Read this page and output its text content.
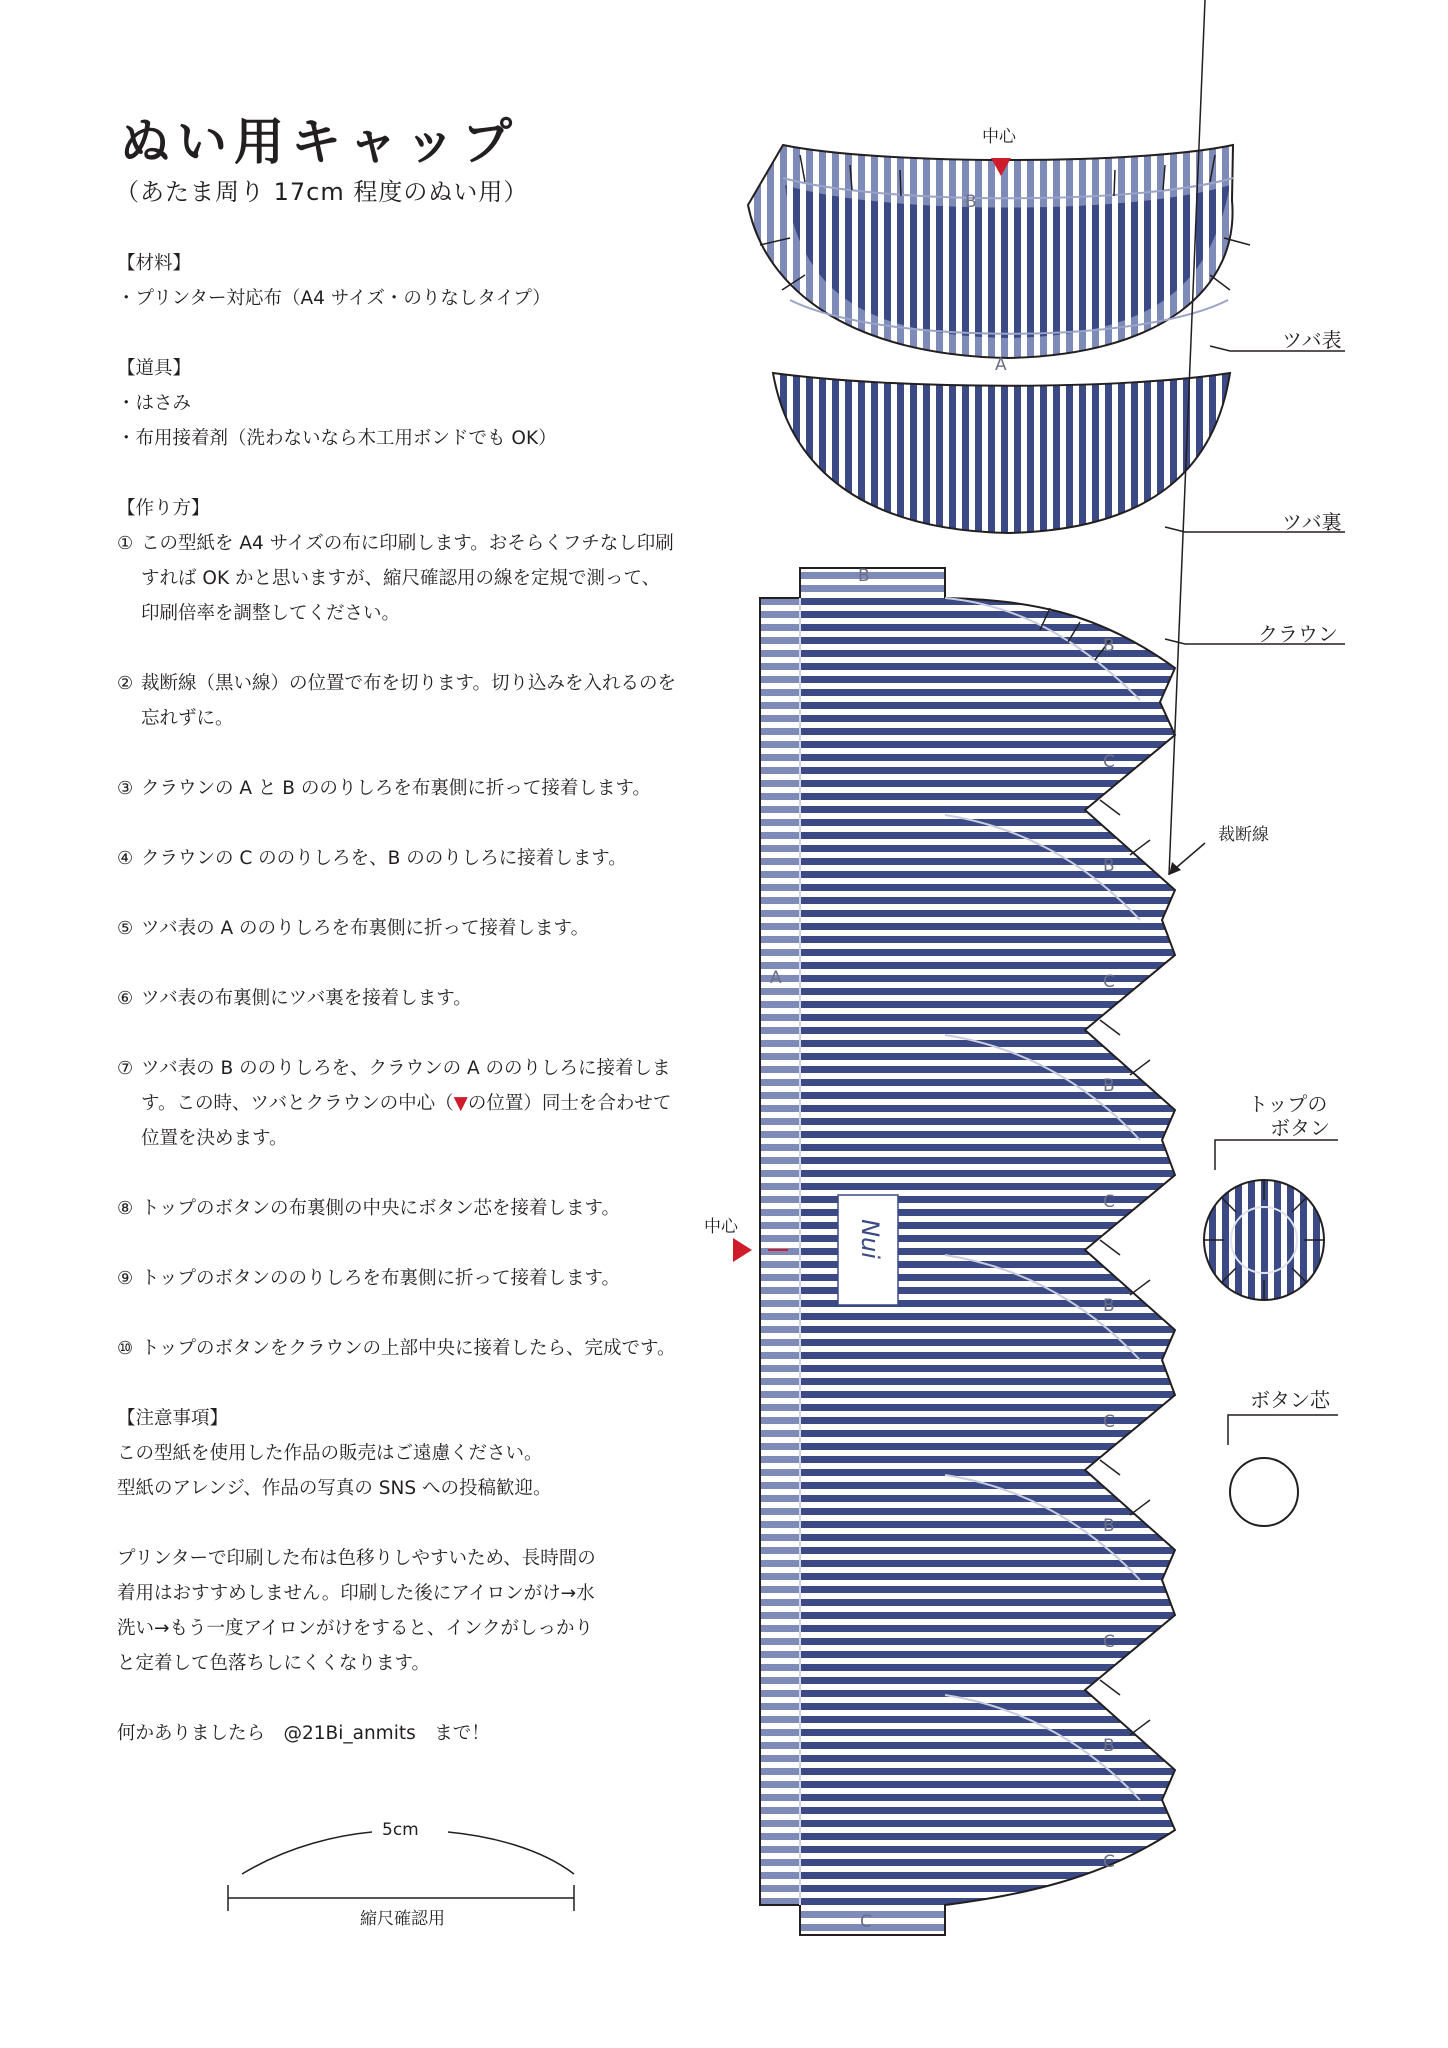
ぬい用キャップ
（あたま周り 17cm 程度のぬい用）

【材料】

・プリンター対応布（A4 サイズ・のりなしタイプ）

【道具】

・はさみ

・布用接着剤（洗わないなら木工用ボンドでも OK）

【作り方】

① この型紙を A4 サイズの布に印刷します。おそらくフチなし印刷すれば OK かと思いますが、縮尺確認用の線を定規で測って、印刷倍率を調整してください。
② 裁断線（黒い線）の位置で布を切ります。切り込みを入れるのを忘れずに。
③ クラウンの A と B ののりしろを布裏側に折って接着します。
④ クラウンの C ののりしろを、B ののりしろに接着します。
⑤ ツバ表の A ののりしろを布裏側に折って接着します。
⑥ ツバ表の布裏側にツバ裏を接着します。
⑦ ツバ表の B ののりしろを、クラウンの A ののりしろに接着します。この時、ツバとクラウンの中心（▼の位置）同士を合わせて位置を決めます。
⑧ トップのボタンの布裏側の中央にボタン芯を接着します。
⑨ トップのボタンののりしろを布裏側に折って接着します。
⑩ トップのボタンをクラウンの上部中央に接着したら、完成です。

【注意事項】

この型紙を使用した作品の販売はご遠慮ください。

型紙のアレンジ、作品の写真の SNS への投稿歓迎。

プリンターで印刷した布は色移りしやすいため、長時間の

着用はおすすめしません。印刷した後にアイロンがけ→水

洗い→もう一度アイロンがけをすると、インクがしっかり

と定着して色落ちしにくくなります。

何かありましたら　@21Bi_anmits　まで！

Nui
中心
ツバ表
ツバ裏
クラウン
裁断線
トップの
ボタン
ボタン芯
中心
B
B
A
A
C
B
C
B
C
B
C
B
C
B
C
B
C
5cm
縮尺確認用
